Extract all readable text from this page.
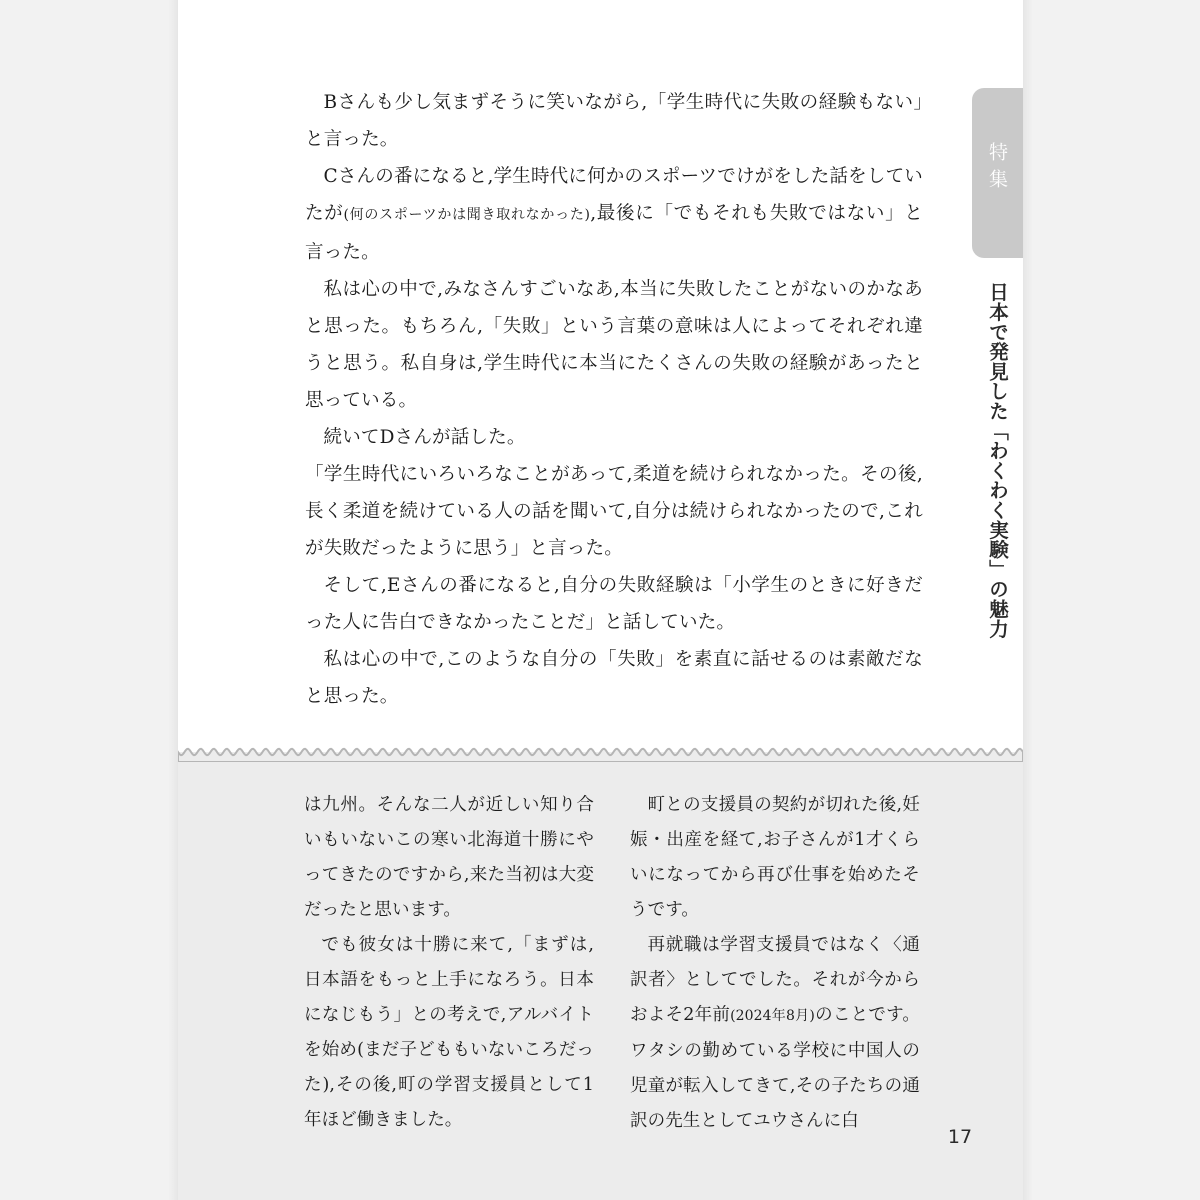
Bさんも少し気まずそうに笑いながら,「学生時代に失敗の経験もない」と言った。

Cさんの番になると,学生時代に何かのスポーツでけがをした話をしていたが(何のスポーツかは聞き取れなかった),最後に「でもそれも失敗ではない」と言った。

私は心の中で,みなさんすごいなあ,本当に失敗したことがないのかなあと思った。もちろん,「失敗」という言葉の意味は人によってそれぞれ違うと思う。私自身は,学生時代に本当にたくさんの失敗の経験があったと思っている。

続いてDさんが話した。

「学生時代にいろいろなことがあって,柔道を続けられなかった。その後,長く柔道を続けている人の話を聞いて,自分は続けられなかったので,これが失敗だったように思う」と言った。

そして,Eさんの番になると,自分の失敗経験は「小学生のときに好きだった人に告白できなかったことだ」と話していた。

私は心の中で,このような自分の「失敗」を素直に話せるのは素敵だなと思った。

特集
日本で発見した「わくわく実験」の魅力

は九州。そんな二人が近しい知り合いもいないこの寒い北海道十勝にやってきたのですから,来た当初は大変だったと思います。

でも彼女は十勝に来て,「まずは,日本語をもっと上手になろう。日本になじもう」との考えで,アルバイトを始め(まだ子どももいないころだった),その後,町の学習支援員として1年ほど働きました。

町との支援員の契約が切れた後,妊娠・出産を経て,お子さんが1才くらいになってから再び仕事を始めたそうです。

再就職は学習支援員ではなく〈通訳者〉としてでした。それが今からおよそ2年前(2024年8月)のことです。ワタシの勤めている学校に中国人の児童が転入してきて,その子たちの通訳の先生としてユウさんに白

17
